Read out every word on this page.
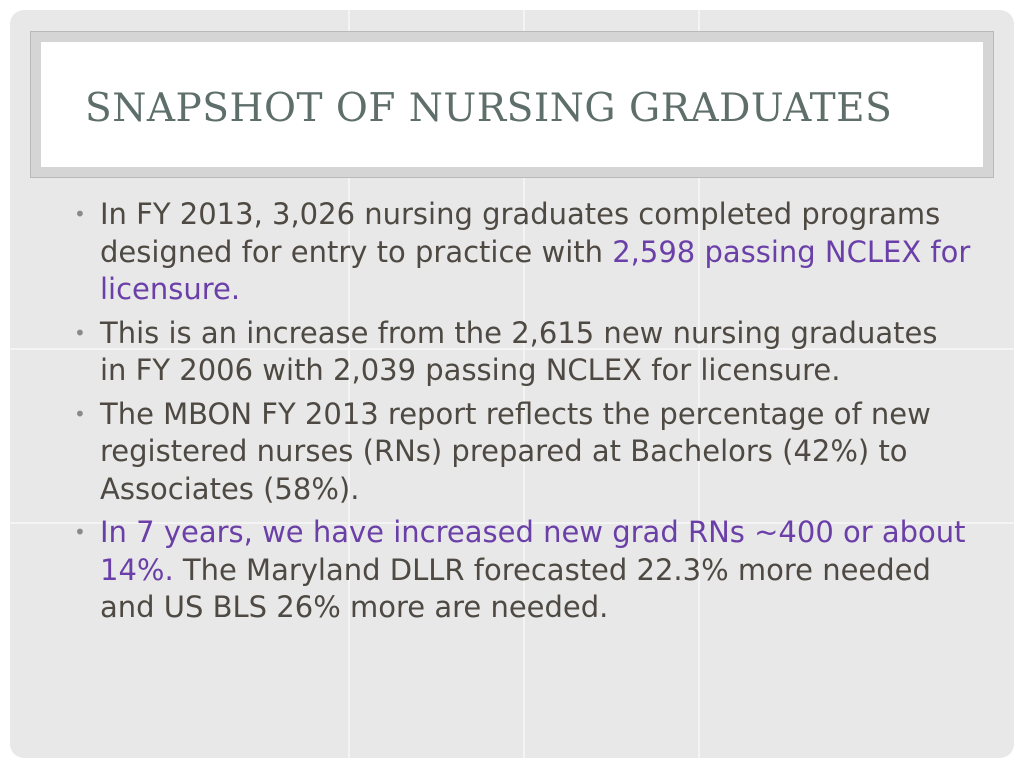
SNAPSHOT OF NURSING GRADUATES
• In FY 2013, 3,026 nursing graduates completed programs designed for entry to practice with 2,598 passing NCLEX for licensure.
• This is an increase from the 2,615 new nursing graduates in FY 2006 with 2,039 passing NCLEX for licensure.
• The MBON FY 2013 report reflects the percentage of new registered nurses (RNs) prepared at Bachelors (42%) to Associates (58%).
• In 7 years, we have increased new grad RNs ~400 or about 14%. The Maryland DLLR forecasted 22.3% more needed and US BLS 26% more are needed.
